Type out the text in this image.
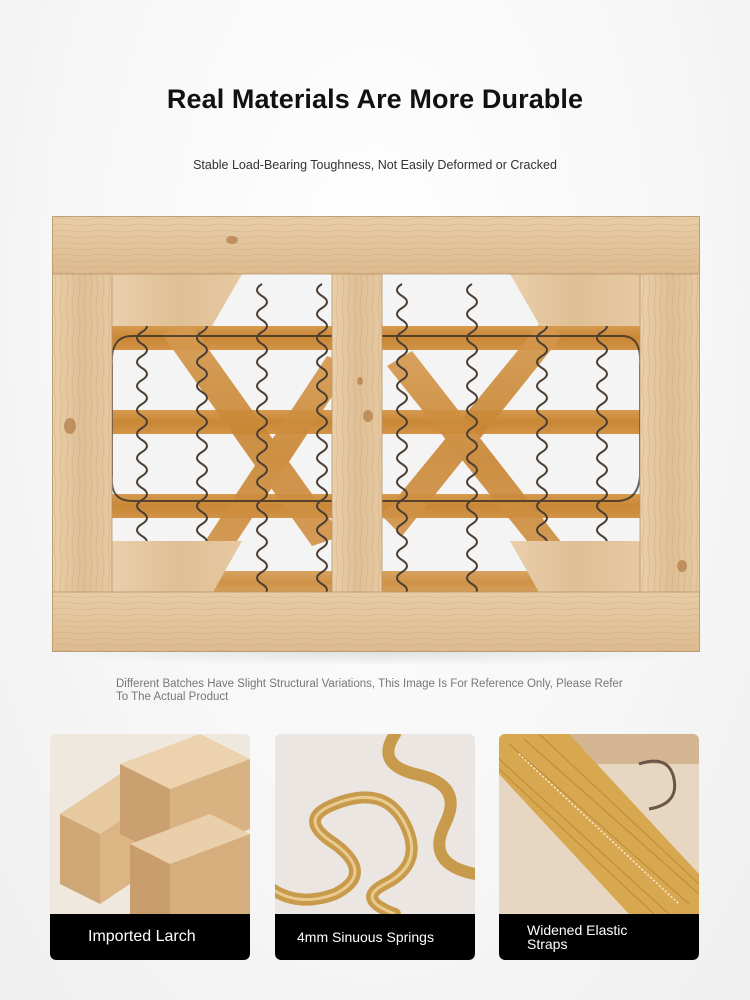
Real Materials Are More Durable
Stable Load-Bearing Toughness, Not Easily Deformed or Cracked
Different Batches Have Slight Structural Variations, This Image Is For Reference Only, Please Refer To The Actual Product
Imported Larch	4mm Sinuous Springs	Widened Elastic Straps
